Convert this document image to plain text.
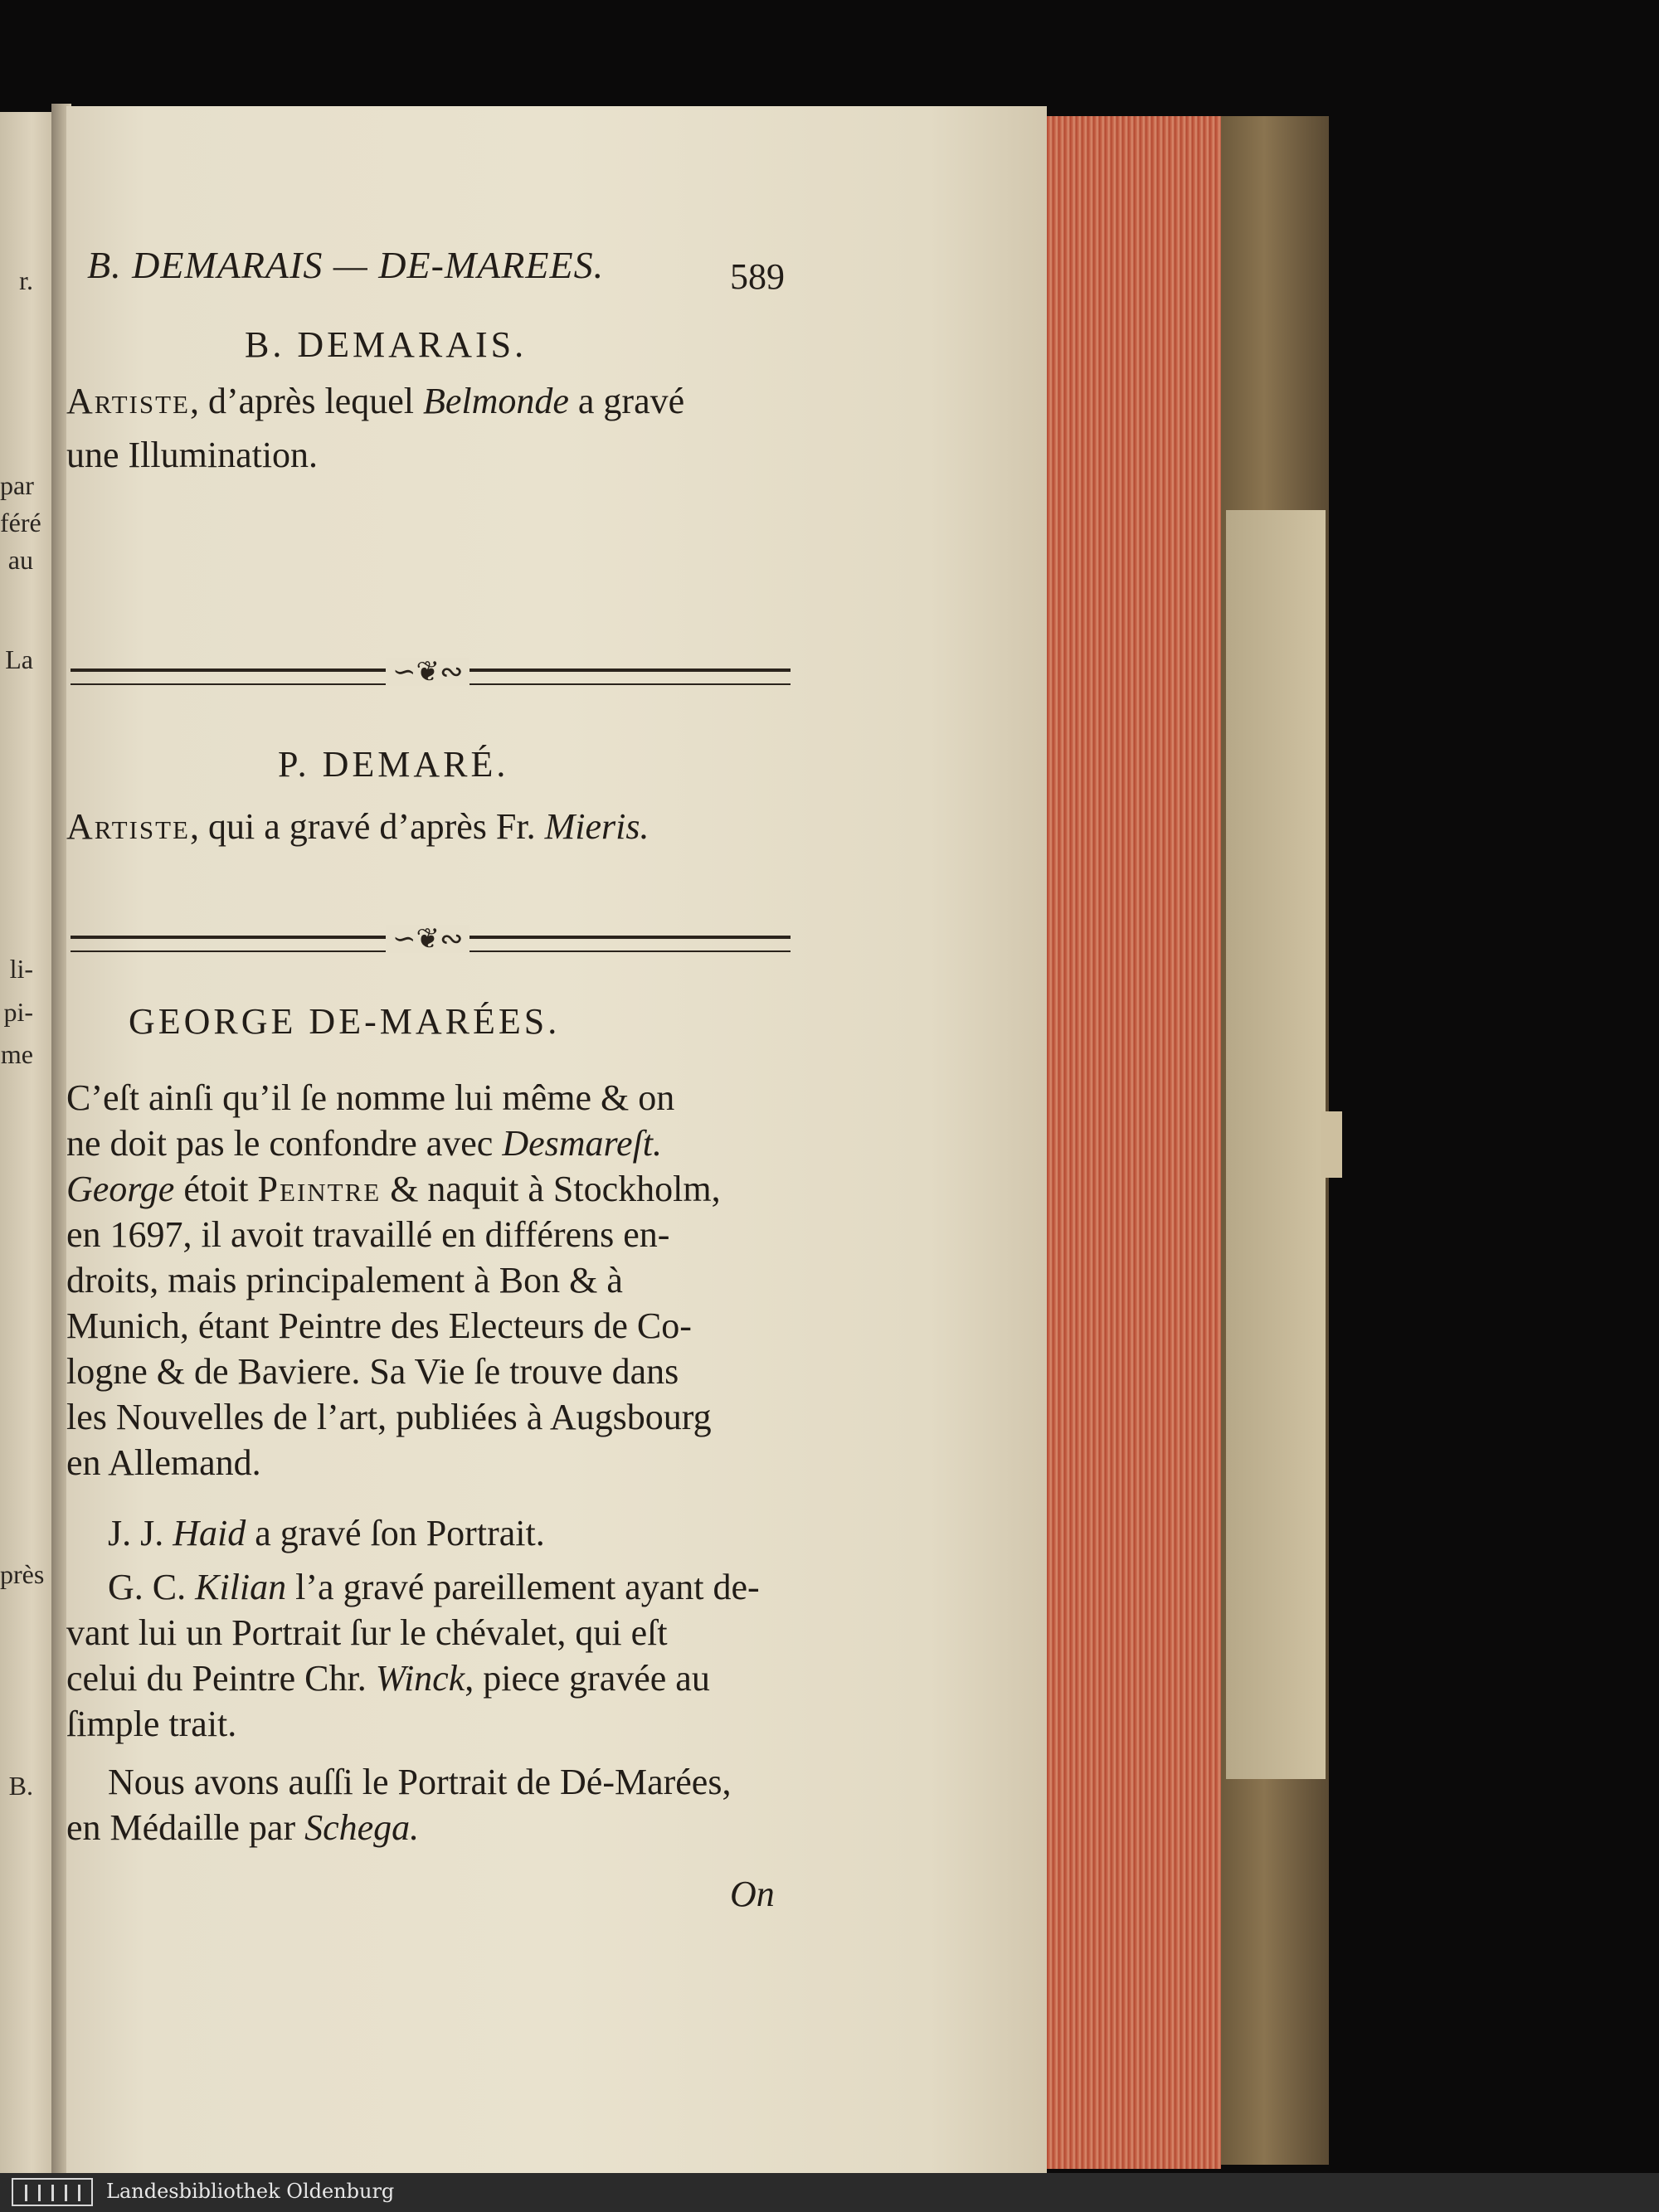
r.
par
féré
au
La
li-
pi-
me
près
B.
B. DEMARAIS — DE-MAREES.	589
B. DEMARAIS.
Artiste, d’après lequel Belmonde a gravé
une Illumination.
∽❦∾
P. DEMARÉ.
Artiste, qui a gravé d’après Fr. Mieris.
∽❦∾
GEORGE DE-MARÉES.
C’eſt ainſi qu’il ſe nomme lui même & on
ne doit pas le confondre avec Desmareſt.
George étoit Peintre & naquit à Stockholm,
en 1697, il avoit travaillé en différens en-
droits, mais principalement à Bon & à
Munich, étant Peintre des Electeurs de Co-
logne & de Baviere. Sa Vie ſe trouve dans
les Nouvelles de l’art, publiées à Augsbourg
en Allemand.
J. J. Haid a gravé ſon Portrait.
G. C. Kilian l’a gravé pareillement ayant de-
vant lui un Portrait ſur le chévalet, qui eſt
celui du Peintre Chr. Winck, piece gravée au
ſimple trait.
Nous avons auſſi le Portrait de Dé-Marées,
en Médaille par Schega.
On
Landesbibliothek Oldenburg
